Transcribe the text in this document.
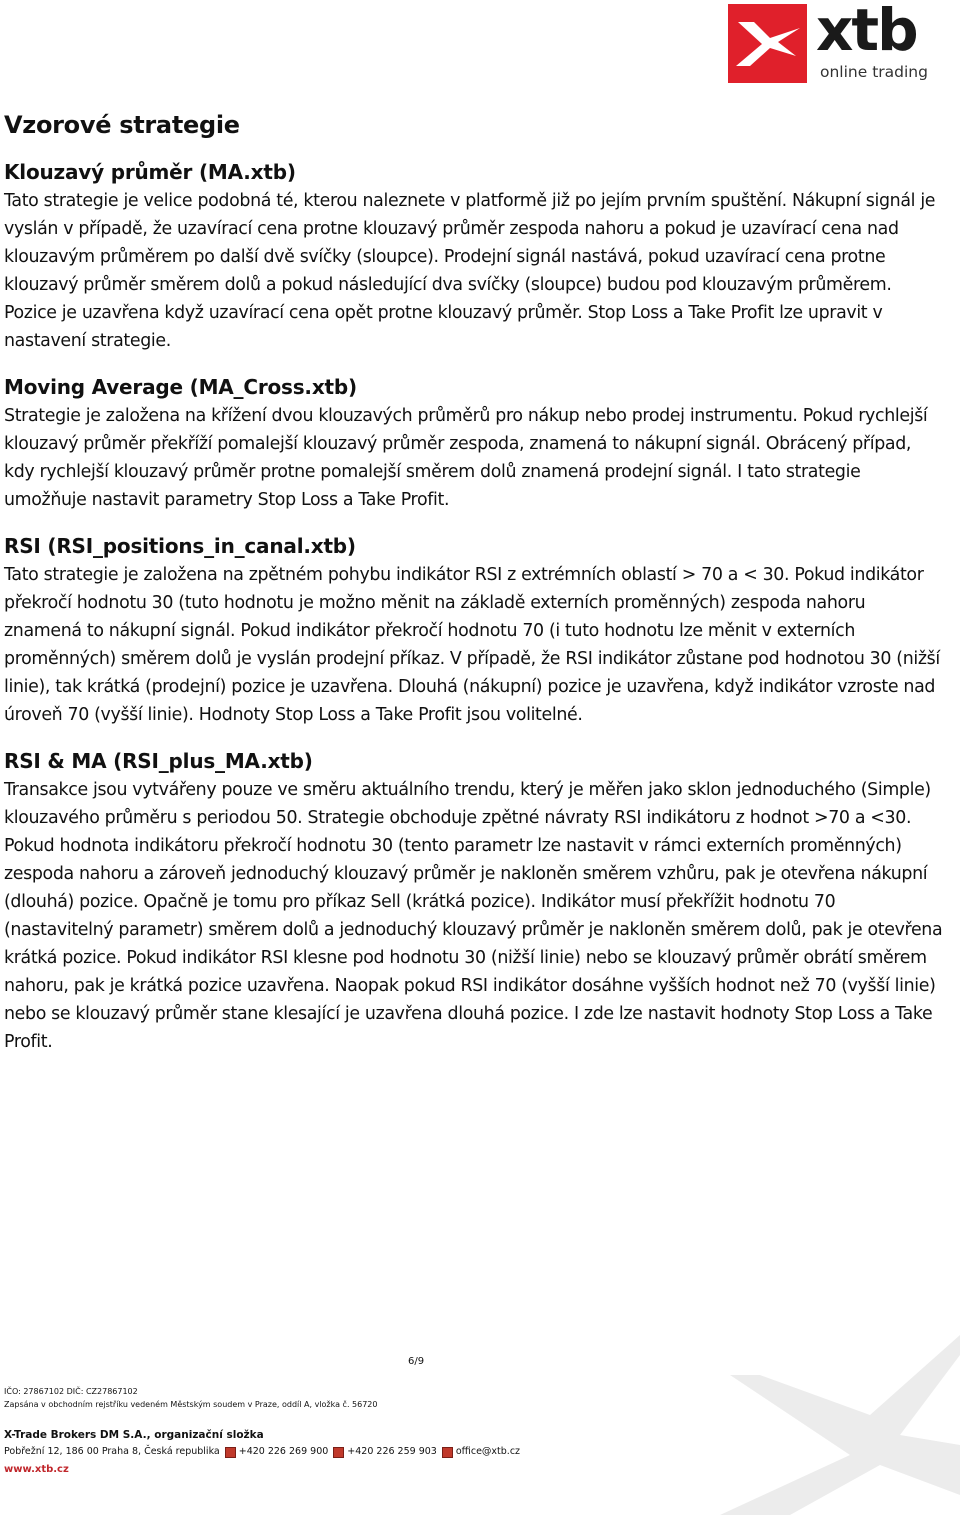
xtb
online trading
Vzorové strategie
Klouzavý průměr (MA.xtb)

Tato strategie je velice podobná té, kterou naleznete v platformě již po jejím prvním spuštění. Nákupní signál je vyslán v případě, že uzavírací cena protne klouzavý průměr zespoda nahoru a pokud je uzavírací cena nad klouzavým průměrem po další dvě svíčky (sloupce). Prodejní signál nastává, pokud uzavírací cena protne klouzavý průměr směrem dolů a pokud následující dva svíčky (sloupce) budou pod klouzavým průměrem. Pozice je uzavřena když uzavírací cena opět protne klouzavý průměr. Stop Loss a Take Profit lze upravit v nastavení strategie.

Moving Average (MA_Cross.xtb)

Strategie je založena na křížení dvou klouzavých průměrů pro nákup nebo prodej instrumentu. Pokud rychlejší klouzavý průměr překříží pomalejší klouzavý průměr zespoda, znamená to nákupní signál. Obrácený případ, kdy rychlejší klouzavý průměr protne pomalejší směrem dolů znamená prodejní signál. I tato strategie umožňuje nastavit parametry Stop Loss a Take Profit.

RSI (RSI_positions_in_canal.xtb)

Tato strategie je založena na zpětném pohybu indikátor RSI z extrémních oblastí > 70 a < 30. Pokud indikátor překročí hodnotu 30 (tuto hodnotu je možno měnit na základě externích proměnných) zespoda nahoru znamená to nákupní signál. Pokud indikátor překročí hodnotu 70 (i tuto hodnotu lze měnit v externích proměnných) směrem dolů je vyslán prodejní příkaz. V případě, že RSI indikátor zůstane pod hodnotou 30 (nižší linie), tak krátká (prodejní) pozice je uzavřena. Dlouhá (nákupní) pozice je uzavřena, když indikátor vzroste nad úroveň 70 (vyšší linie). Hodnoty Stop Loss a Take Profit jsou volitelné.

RSI & MA (RSI_plus_MA.xtb)

Transakce jsou vytvářeny pouze ve směru aktuálního trendu, který je měřen jako sklon jednoduchého (Simple) klouzavého průměru s periodou 50. Strategie obchoduje zpětné návraty RSI indikátoru z hodnot >70 a <30. Pokud hodnota indikátoru překročí hodnotu 30 (tento parametr lze nastavit v rámci externích proměnných) zespoda nahoru a zároveň jednoduchý klouzavý průměr je nakloněn směrem vzhůru, pak je otevřena nákupní (dlouhá) pozice. Opačně je tomu pro příkaz Sell (krátká pozice). Indikátor musí překřížit hodnotu 70 (nastavitelný parametr) směrem dolů a jednoduchý klouzavý průměr je nakloněn směrem dolů, pak je otevřena krátká pozice. Pokud indikátor RSI klesne pod hodnotu 30 (nižší linie) nebo se klouzavý průměr obrátí směrem nahoru, pak je krátká pozice uzavřena. Naopak pokud RSI indikátor dosáhne vyšších hodnot než 70 (vyšší linie) nebo se klouzavý průměr stane klesající je uzavřena dlouhá pozice. I zde lze nastavit hodnoty Stop Loss a Take Profit.

6/9
IČO: 27867102 DIČ: CZ27867102
Zapsána v obchodním rejstříku vedeném Městským soudem v Praze, oddíl A, vložka č. 56720
X-Trade Brokers DM S.A., organizační složka
Pobřežní 12, 186 00 Praha 8, Česká republika +420 226 269 900 +420 226 259 903 office@xtb.cz
www.xtb.cz
